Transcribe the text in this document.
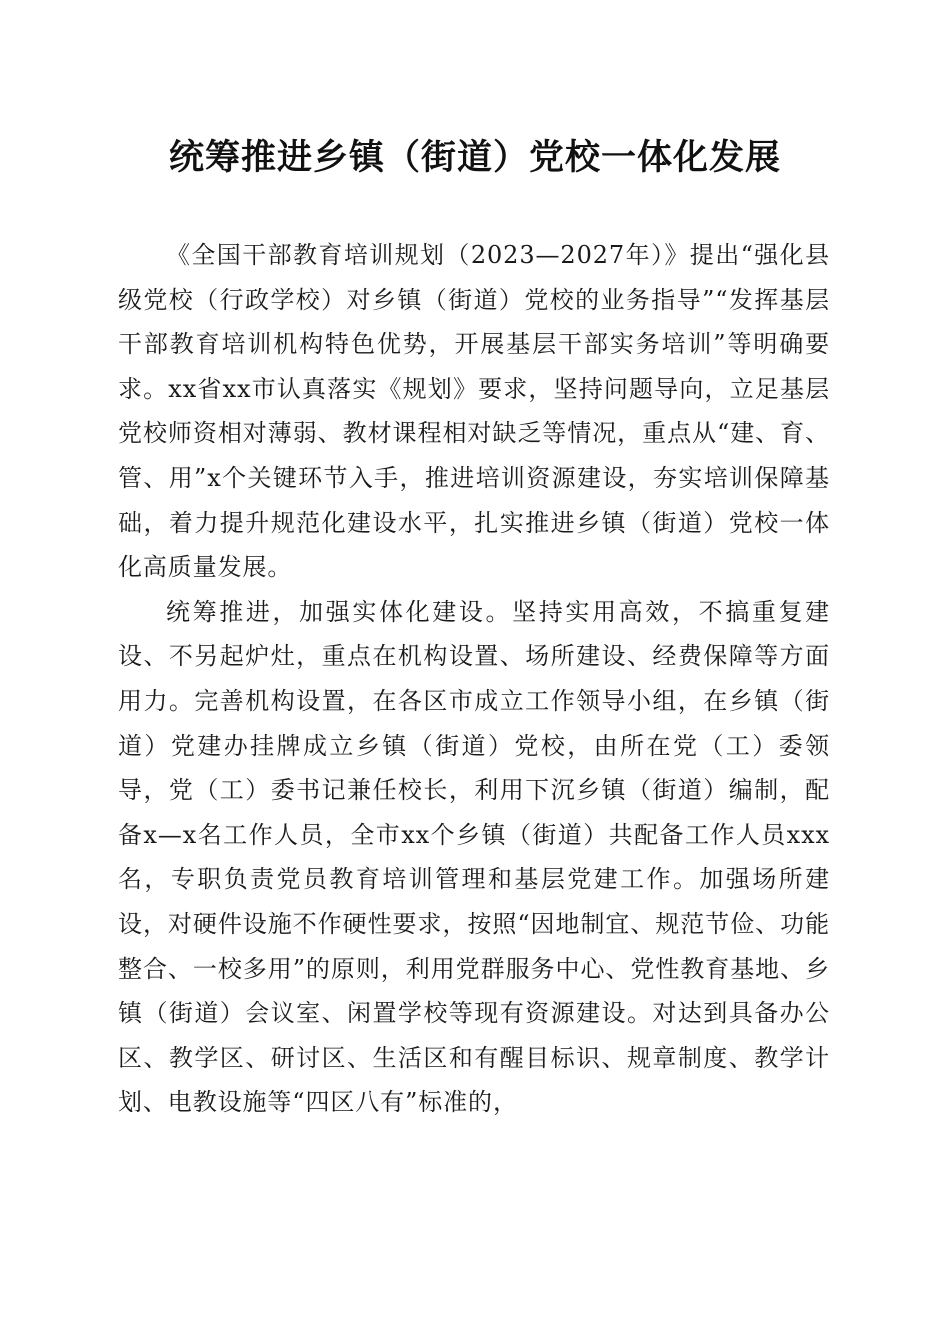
统筹推进乡镇（街道）党校一体化发展

《全国干部教育培训规划（2023—2027年）》提出“强化县级党校（行政学校）对乡镇（街道）党校的业务指导”“发挥基层干部教育培训机构特色优势，开展基层干部实务培训”等明确要求。xx省xx市认真落实《规划》要求，坚持问题导向，立足基层党校师资相对薄弱、教材课程相对缺乏等情况，重点从“建、育、管、用”x个关键环节入手，推进培训资源建设，夯实培训保障基础，着力提升规范化建设水平，扎实推进乡镇（街道）党校一体化高质量发展。

统筹推进，加强实体化建设。坚持实用高效，不搞重复建设、不另起炉灶，重点在机构设置、场所建设、经费保障等方面用力。完善机构设置，在各区市成立工作领导小组，在乡镇（街道）党建办挂牌成立乡镇（街道）党校，由所在党（工）委领导，党（工）委书记兼任校长，利用下沉乡镇（街道）编制，配备x—x名工作人员，全市xx个乡镇（街道）共配备工作人员xxx名，专职负责党员教育培训管理和基层党建工作。加强场所建设，对硬件设施不作硬性要求，按照“因地制宜、规范节俭、功能整合、一校多用”的原则，利用党群服务中心、党性教育基地、乡镇（街道）会议室、闲置学校等现有资源建设。对达到具备办公区、教学区、研讨区、生活区和有醒目标识、规章制度、教学计划、电教设施等“四区八有”标准的，
